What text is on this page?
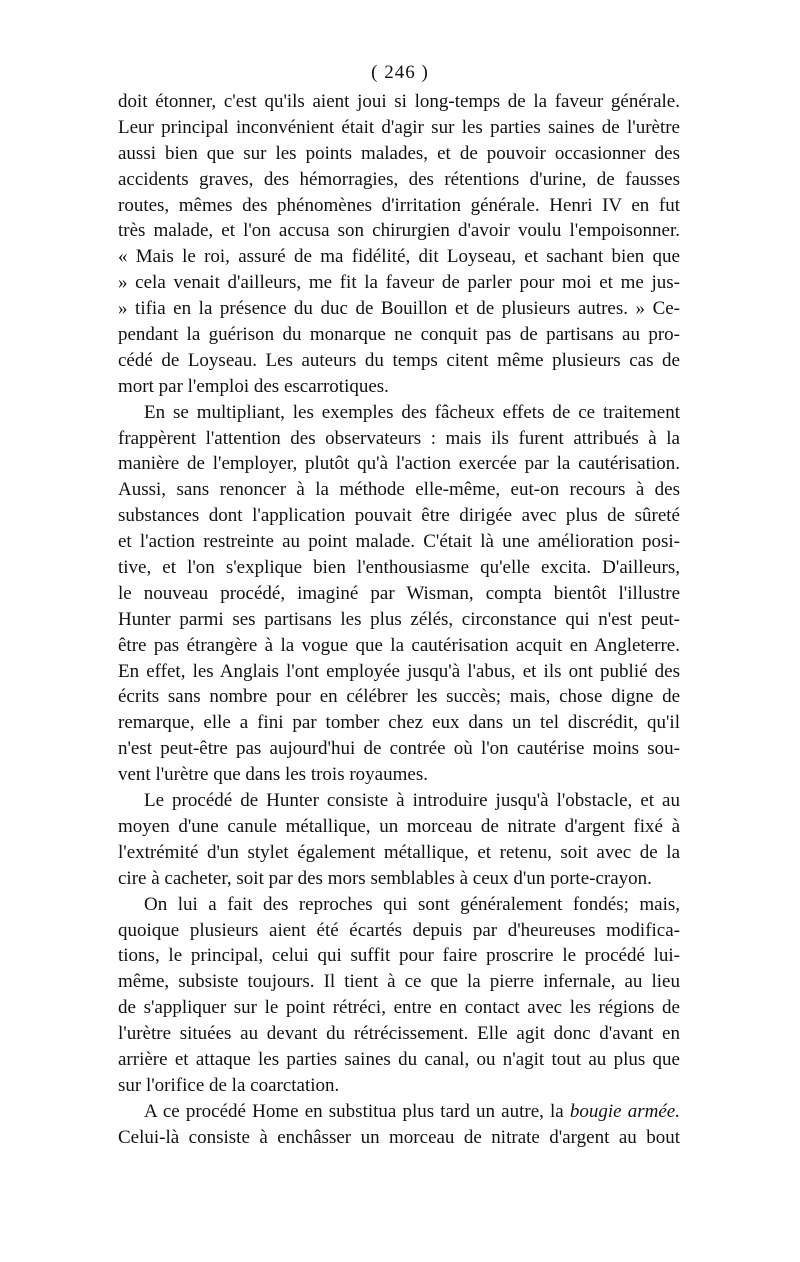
( 246 )
doit étonner, c'est qu'ils aient joui si long-temps de la faveur générale.
Leur principal inconvénient était d'agir sur les parties saines de l'urètre
aussi bien que sur les points malades, et de pouvoir occasionner des
accidents graves, des hémorragies, des rétentions d'urine, de fausses
routes, mêmes des phénomènes d'irritation générale. Henri IV en fut
très malade, et l'on accusa son chirurgien d'avoir voulu l'empoisonner.
« Mais le roi, assuré de ma fidélité, dit Loyseau, et sachant bien que
» cela venait d'ailleurs, me fit la faveur de parler pour moi et me jus-
» tifia en la présence du duc de Bouillon et de plusieurs autres. » Ce-
pendant la guérison du monarque ne conquit pas de partisans au pro-
cédé de Loyseau. Les auteurs du temps citent même plusieurs cas de
mort par l'emploi des escarrotiques.
En se multipliant, les exemples des fâcheux effets de ce traitement
frappèrent l'attention des observateurs : mais ils furent attribués à la
manière de l'employer, plutôt qu'à l'action exercée par la cautérisation.
Aussi, sans renoncer à la méthode elle-même, eut-on recours à des
substances dont l'application pouvait être dirigée avec plus de sûreté
et l'action restreinte au point malade. C'était là une amélioration posi-
tive, et l'on s'explique bien l'enthousiasme qu'elle excita. D'ailleurs,
le nouveau procédé, imaginé par Wisman, compta bientôt l'illustre
Hunter parmi ses partisans les plus zélés, circonstance qui n'est peut-
être pas étrangère à la vogue que la cautérisation acquit en Angleterre.
En effet, les Anglais l'ont employée jusqu'à l'abus, et ils ont publié des
écrits sans nombre pour en célébrer les succès; mais, chose digne de
remarque, elle a fini par tomber chez eux dans un tel discrédit, qu'il
n'est peut-être pas aujourd'hui de contrée où l'on cautérise moins sou-
vent l'urètre que dans les trois royaumes.
Le procédé de Hunter consiste à introduire jusqu'à l'obstacle, et au
moyen d'une canule métallique, un morceau de nitrate d'argent fixé à
l'extrémité d'un stylet également métallique, et retenu, soit avec de la
cire à cacheter, soit par des mors semblables à ceux d'un porte-crayon.
On lui a fait des reproches qui sont généralement fondés; mais,
quoique plusieurs aient été écartés depuis par d'heureuses modifica-
tions, le principal, celui qui suffit pour faire proscrire le procédé lui-
même, subsiste toujours. Il tient à ce que la pierre infernale, au lieu
de s'appliquer sur le point rétréci, entre en contact avec les régions de
l'urètre situées au devant du rétrécissement. Elle agit donc d'avant en
arrière et attaque les parties saines du canal, ou n'agit tout au plus que
sur l'orifice de la coarctation.
A ce procédé Home en substitua plus tard un autre, la bougie armée.
Celui-là consiste à enchâsser un morceau de nitrate d'argent au bout
